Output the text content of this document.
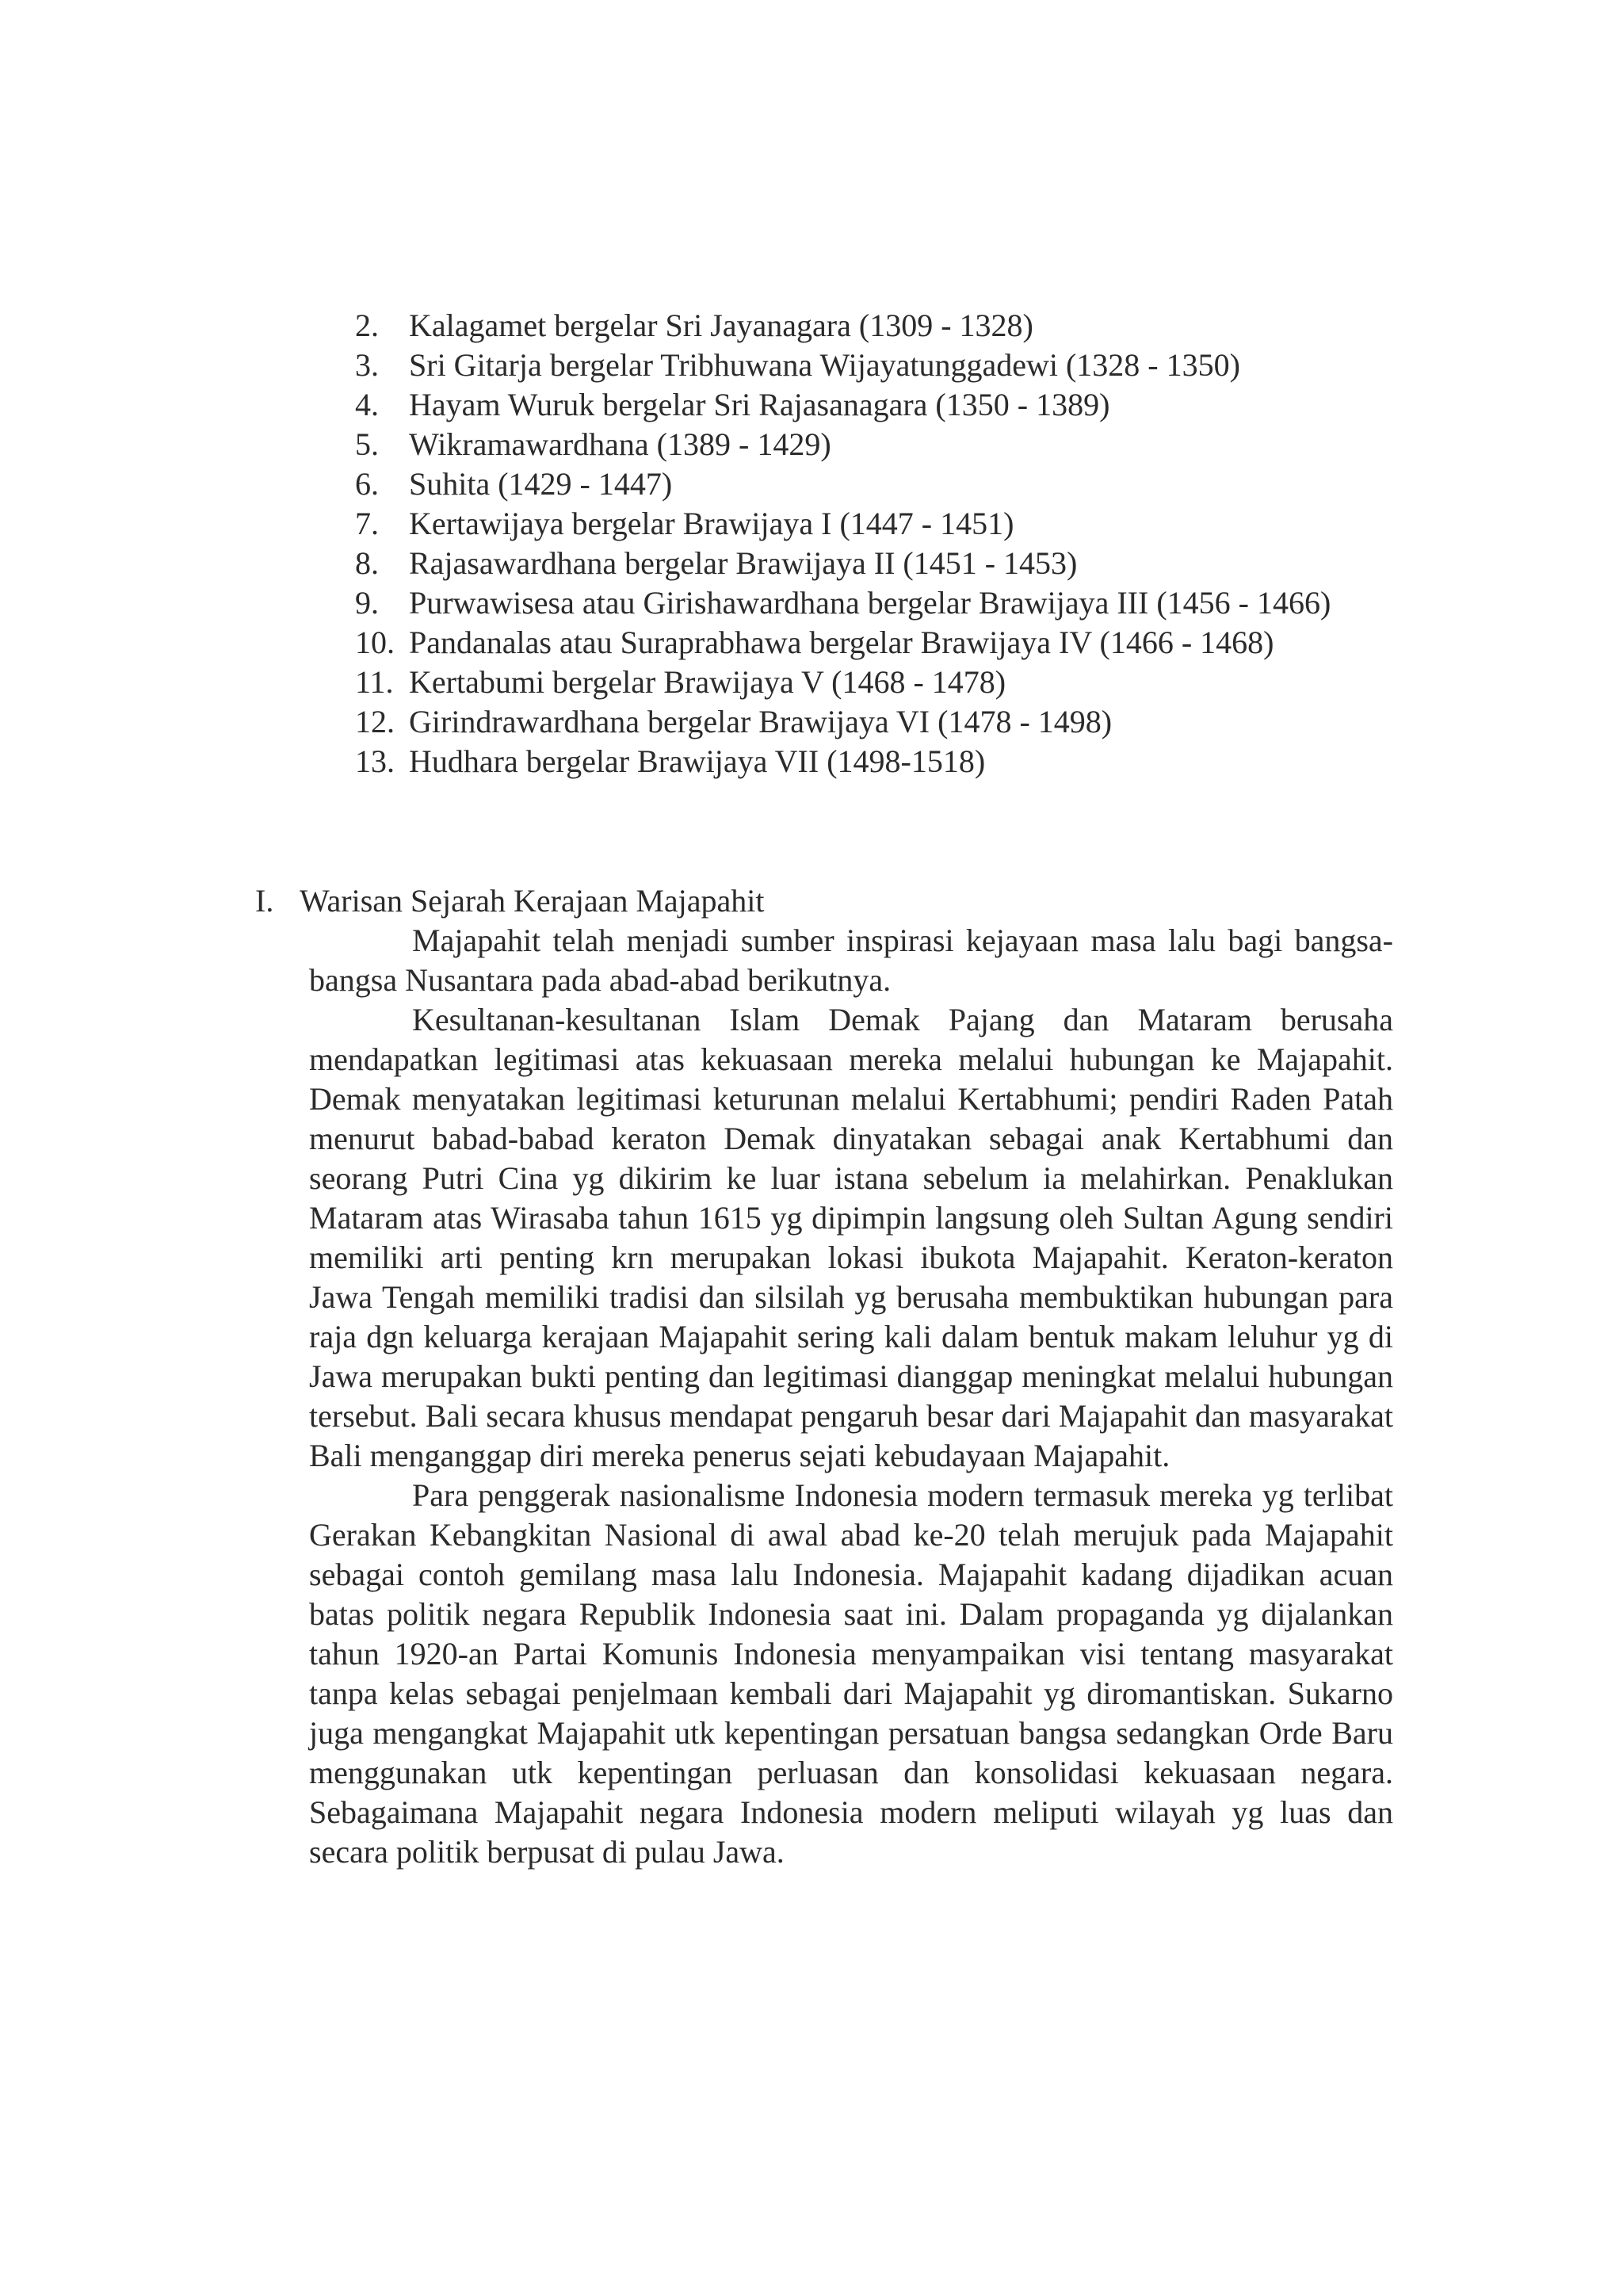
2. Kalagamet bergelar Sri Jayanagara (1309 - 1328)
3. Sri Gitarja bergelar Tribhuwana Wijayatunggadewi (1328 - 1350)
4. Hayam Wuruk bergelar Sri Rajasanagara (1350 - 1389)
5. Wikramawardhana (1389 - 1429)
6. Suhita (1429 - 1447)
7. Kertawijaya bergelar Brawijaya I (1447 - 1451)
8. Rajasawardhana bergelar Brawijaya II (1451 - 1453)
9. Purwawisesa atau Girishawardhana bergelar Brawijaya III (1456 - 1466)
10. Pandanalas atau Suraprabhawa bergelar Brawijaya IV (1466 - 1468)
11. Kertabumi bergelar Brawijaya V (1468 - 1478)
12. Girindrawardhana bergelar Brawijaya VI (1478 - 1498)
13. Hudhara bergelar Brawijaya VII (1498-1518)
I. Warisan Sejarah Kerajaan Majapahit

Majapahit telah menjadi sumber inspirasi kejayaan masa lalu bagi bangsa-bangsa Nusantara pada abad-abad berikutnya.

Kesultanan-kesultanan Islam Demak Pajang dan Mataram berusaha mendapatkan legitimasi atas kekuasaan mereka melalui hubungan ke Majapahit. Demak menyatakan legitimasi keturunan melalui Kertabhumi; pendiri Raden Patah menurut babad-babad keraton Demak dinyatakan sebagai anak Kertabhumi dan seorang Putri Cina yg dikirim ke luar istana sebelum ia melahirkan. Penaklukan Mataram atas Wirasaba tahun 1615 yg dipimpin langsung oleh Sultan Agung sendiri memiliki arti penting krn merupakan lokasi ibukota Majapahit. Keraton-keraton Jawa Tengah memiliki tradisi dan silsilah yg berusaha membuktikan hubungan para raja dgn keluarga kerajaan Majapahit sering kali dalam bentuk makam leluhur yg di Jawa merupakan bukti penting dan legitimasi dianggap meningkat melalui hubungan tersebut. Bali secara khusus mendapat pengaruh besar dari Majapahit dan masyarakat Bali menganggap diri mereka penerus sejati kebudayaan Majapahit.

Para penggerak nasionalisme Indonesia modern termasuk mereka yg terlibat Gerakan Kebangkitan Nasional di awal abad ke-20 telah merujuk pada Majapahit sebagai contoh gemilang masa lalu Indonesia. Majapahit kadang dijadikan acuan batas politik negara Republik Indonesia saat ini. Dalam propaganda yg dijalankan tahun 1920-an Partai Komunis Indonesia menyampaikan visi tentang masyarakat tanpa kelas sebagai penjelmaan kembali dari Majapahit yg diromantiskan. Sukarno juga mengangkat Majapahit utk kepentingan persatuan bangsa sedangkan Orde Baru menggunakan utk kepentingan perluasan dan konsolidasi kekuasaan negara. Sebagaimana Majapahit negara Indonesia modern meliputi wilayah yg luas dan secara politik berpusat di pulau Jawa.
